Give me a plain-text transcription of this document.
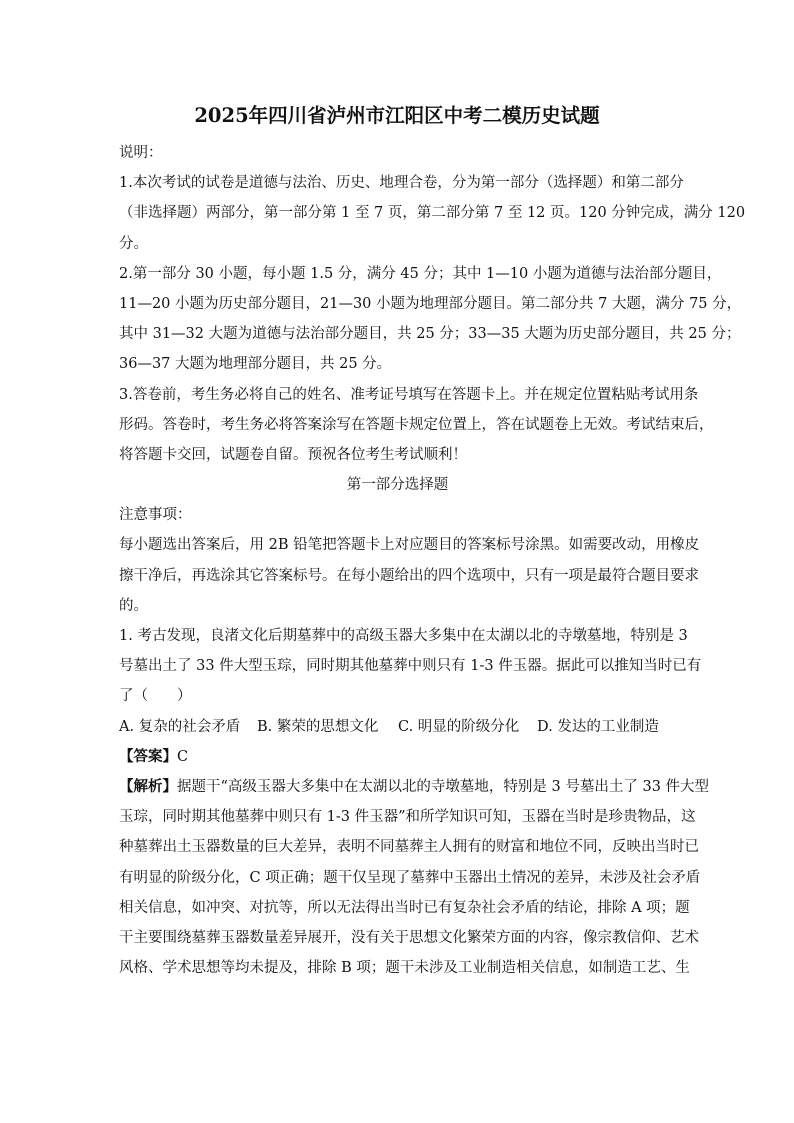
2025年四川省泸州市江阳区中考二模历史试题
说明：
1.本次考试的试卷是道德与法治、历史、地理合卷，分为第一部分（选择题）和第二部分
（非选择题）两部分，第一部分第 1 至 7 页，第二部分第 7 至 12 页。120 分钟完成，满分 120
分。
2.第一部分 30 小题，每小题 1.5 分，满分 45 分；其中 1—10 小题为道德与法治部分题目，
11—20 小题为历史部分题目，21—30 小题为地理部分题目。第二部分共 7 大题，满分 75 分，
其中 31—32 大题为道德与法治部分题目，共 25 分；33—35 大题为历史部分题目，共 25 分；
36—37 大题为地理部分题目，共 25 分。
3.答卷前，考生务必将自己的姓名、准考证号填写在答题卡上。并在规定位置粘贴考试用条
形码。答卷时，考生务必将答案涂写在答题卡规定位置上，答在试题卷上无效。考试结束后，
将答题卡交回，试题卷自留。预祝各位考生考试顺利！
第一部分选择题
注意事项：
每小题选出答案后，用 2B 铅笔把答题卡上对应题目的答案标号涂黑。如需要改动，用橡皮
擦干净后，再选涂其它答案标号。在每小题给出的四个选项中，只有一项是最符合题目要求
的。
1. 考古发现，良渚文化后期墓葬中的高级玉器大多集中在太湖以北的寺墩墓地，特别是 3
号墓出土了 33 件大型玉琮，同时期其他墓葬中则只有 1-3 件玉器。据此可以推知当时已有
了（　　）
A. 复杂的社会矛盾 B. 繁荣的思想文化 C. 明显的阶级分化 D. 发达的工业制造
【答案】C
【解析】据题干“高级玉器大多集中在太湖以北的寺墩墓地，特别是 3 号墓出土了 33 件大型
玉琮，同时期其他墓葬中则只有 1-3 件玉器”和所学知识可知，玉器在当时是珍贵物品，这
种墓葬出土玉器数量的巨大差异，表明不同墓葬主人拥有的财富和地位不同，反映出当时已
有明显的阶级分化，C 项正确；题干仅呈现了墓葬中玉器出土情况的差异，未涉及社会矛盾
相关信息，如冲突、对抗等，所以无法得出当时已有复杂社会矛盾的结论，排除 A 项；题
干主要围绕墓葬玉器数量差异展开，没有关于思想文化繁荣方面的内容，像宗教信仰、艺术
风格、学术思想等均未提及，排除 B 项；题干未涉及工业制造相关信息，如制造工艺、生
